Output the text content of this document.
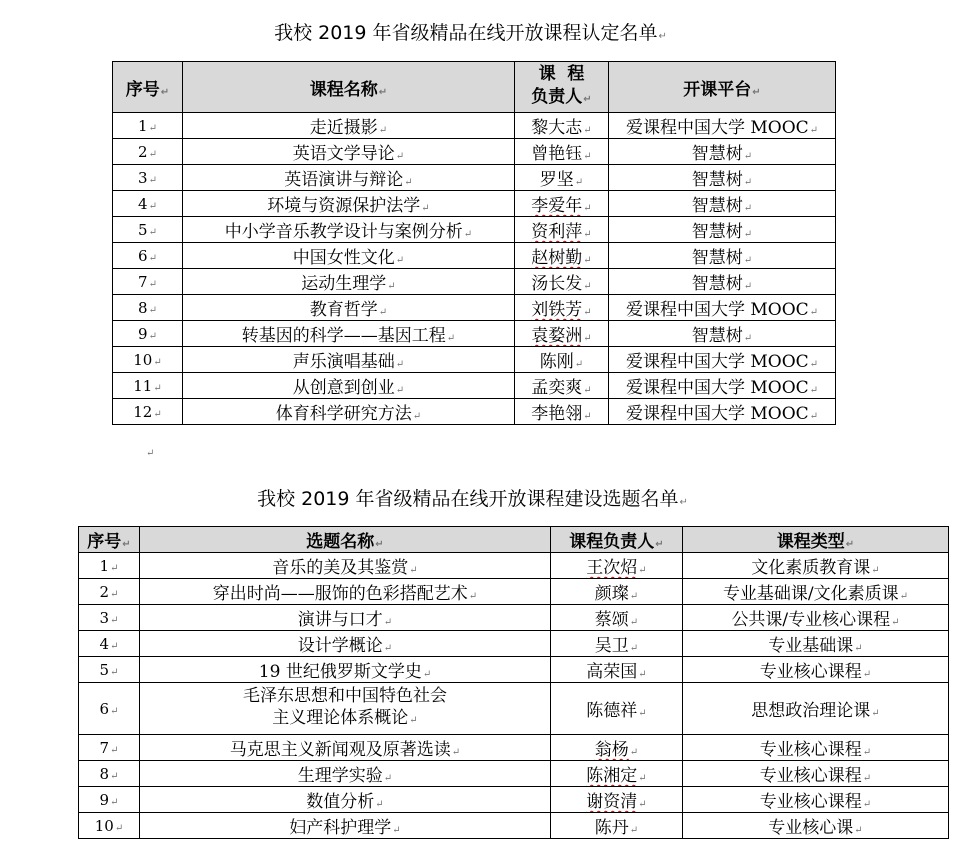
我校 2019 年省级精品在线开放课程认定名单↵
序号↵	课程名称↵	课  程
负责人↵	开课平台↵
1↵	走近摄影↵	黎大志↵	爱课程中国大学 MOOC↵
2↵	英语文学导论↵	曾艳钰↵	智慧树↵
3↵	英语演讲与辩论↵	罗坚↵	智慧树↵
4↵	环境与资源保护法学↵	李爱年↵	智慧树↵
5↵	中小学音乐教学设计与案例分析↵	资利萍↵	智慧树↵
6↵	中国女性文化↵	赵树勤↵	智慧树↵
7↵	运动生理学↵	汤长发↵	智慧树↵
8↵	教育哲学↵	刘铁芳↵	爱课程中国大学 MOOC↵
9↵	转基因的科学——基因工程↵	袁婺洲↵	智慧树↵
10↵	声乐演唱基础↵	陈刚↵	爱课程中国大学 MOOC↵
11↵	从创意到创业↵	孟奕爽↵	爱课程中国大学 MOOC↵
12↵	体育科学研究方法↵	李艳翎↵	爱课程中国大学 MOOC↵
↵
我校 2019 年省级精品在线开放课程建设选题名单↵
序号↵	选题名称↵	课程负责人↵	课程类型↵
1↵	音乐的美及其鉴赏↵	王次炤↵	文化素质教育课↵
2↵	穿出时尚——服饰的色彩搭配艺术↵	颜璨↵	专业基础课/文化素质课↵
3↵	演讲与口才↵	蔡颂↵	公共课/专业核心课程↵
4↵	设计学概论↵	吴卫↵	专业基础课↵
5↵	19 世纪俄罗斯文学史↵	高荣国↵	专业核心课程↵
6↵	毛泽东思想和中国特色社会
主义理论体系概论↵	陈德祥↵	思想政治理论课↵
7↵	马克思主义新闻观及原著选读↵	翁杨↵	专业核心课程↵
8↵	生理学实验↵	陈湘定↵	专业核心课程↵
9↵	数值分析↵	谢资清↵	专业核心课程↵
10↵	妇产科护理学↵	陈丹↵	专业核心课↵
